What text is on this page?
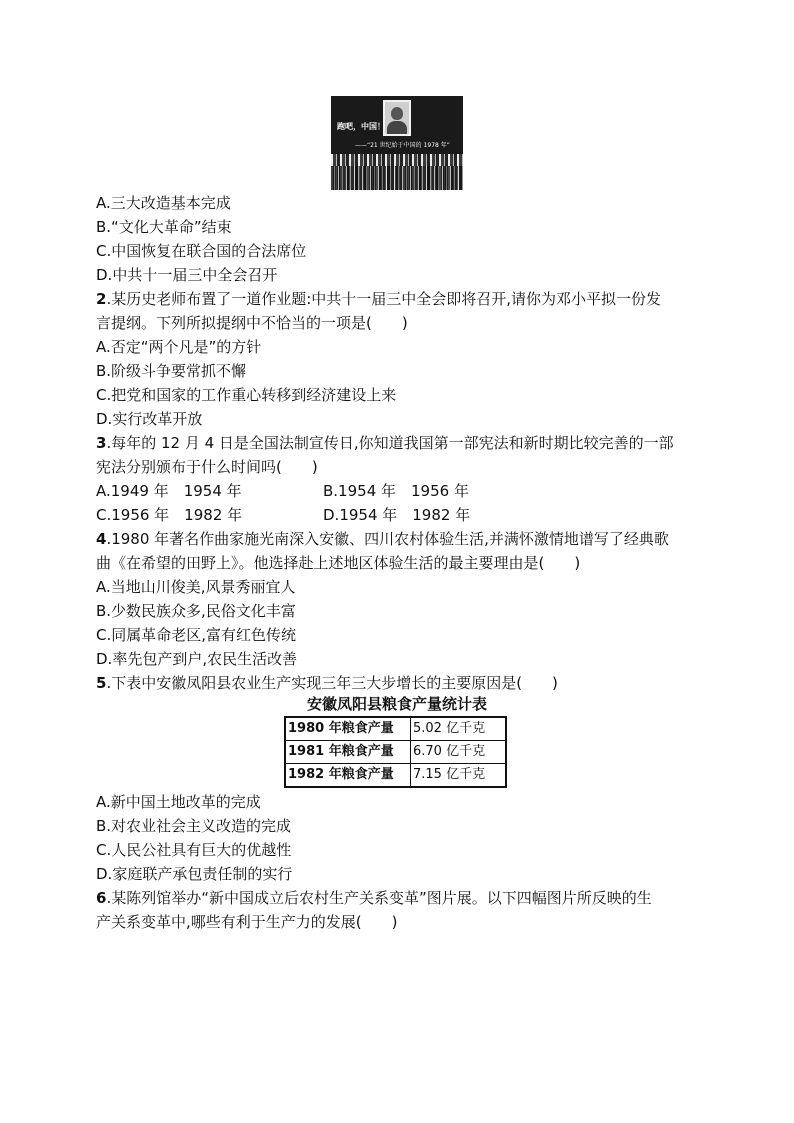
跑吧，中国！
——“21 世纪始于中国的 1978 年”
A.三大改造基本完成
B.“文化大革命”结束
C.中国恢复在联合国的合法席位
D.中共十一届三中全会召开
2.某历史老师布置了一道作业题:中共十一届三中全会即将召开,请你为邓小平拟一份发
言提纲。下列所拟提纲中不恰当的一项是(　　)
A.否定“两个凡是”的方针
B.阶级斗争要常抓不懈
C.把党和国家的工作重心转移到经济建设上来
D.实行改革开放
3.每年的 12 月 4 日是全国法制宣传日,你知道我国第一部宪法和新时期比较完善的一部
宪法分别颁布于什么时间吗(　　)
A.1949 年　1954 年	B.1954 年　1956 年
C.1956 年　1982 年	D.1954 年　1982 年
4.1980 年著名作曲家施光南深入安徽、四川农村体验生活,并满怀激情地谱写了经典歌
曲《在希望的田野上》。他选择赴上述地区体验生活的最主要理由是(　　)
A.当地山川俊美,风景秀丽宜人
B.少数民族众多,民俗文化丰富
C.同属革命老区,富有红色传统
D.率先包产到户,农民生活改善
5.下表中安徽凤阳县农业生产实现三年三大步增长的主要原因是(　　)
安徽凤阳县粮食产量统计表
1980 年粮食产量	5.02 亿千克
1981 年粮食产量	6.70 亿千克
1982 年粮食产量	7.15 亿千克
A.新中国土地改革的完成
B.对农业社会主义改造的完成
C.人民公社具有巨大的优越性
D.家庭联产承包责任制的实行
6.某陈列馆举办“新中国成立后农村生产关系变革”图片展。以下四幅图片所反映的生
产关系变革中,哪些有利于生产力的发展(　　)
